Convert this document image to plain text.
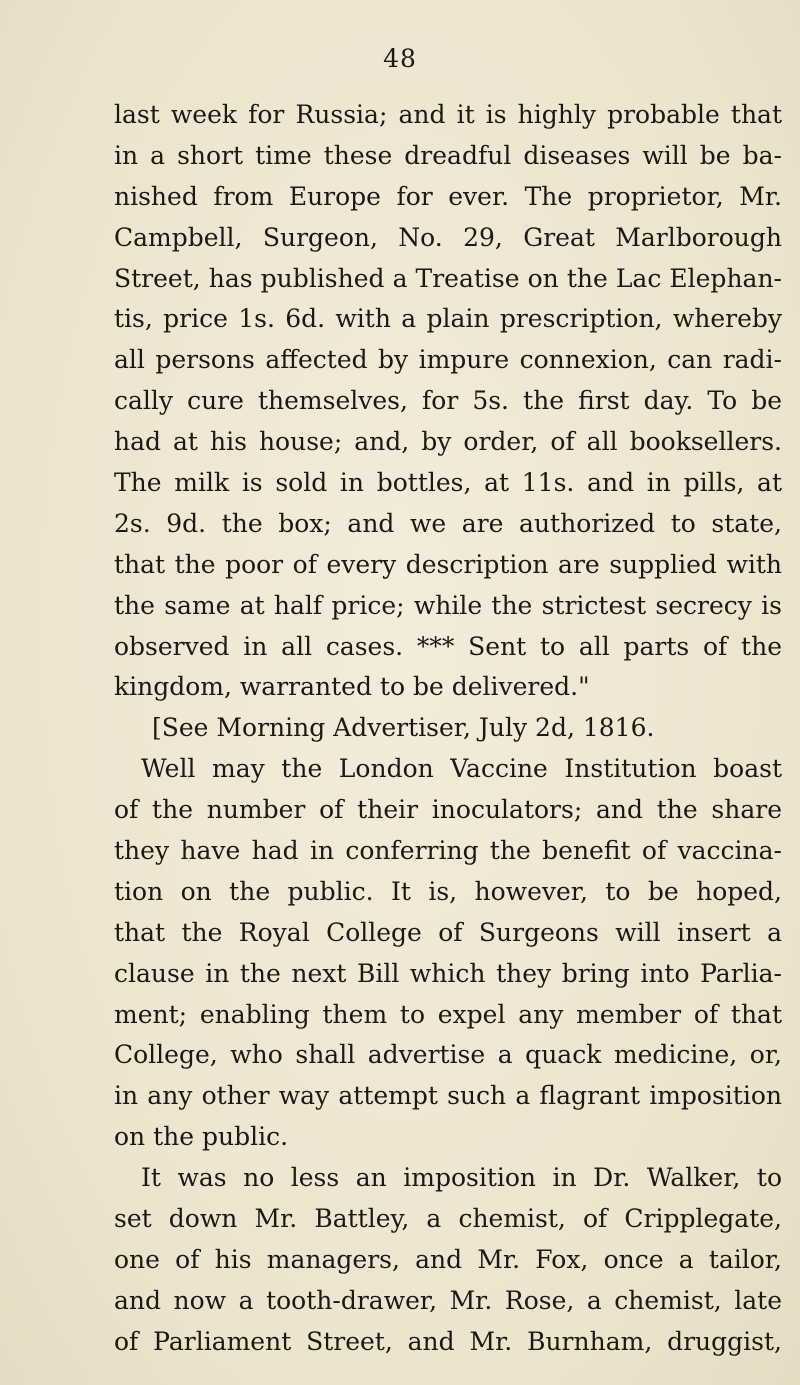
48
last week for Russia; and it is highly probable that
in a short time these dreadful diseases will be ba-
nished from Europe for ever. The proprietor, Mr.
Campbell, Surgeon, No. 29, Great Marlborough
Street, has published a Treatise on the Lac Elephan-
tis, price 1s. 6d. with a plain prescription, whereby
all persons affected by impure connexion, can radi-
cally cure themselves, for 5s. the first day. To be
had at his house; and, by order, of all booksellers.
The milk is sold in bottles, at 11s. and in pills, at
2s. 9d. the box; and we are authorized to state,
that the poor of every description are supplied with
the same at half price; while the strictest secrecy is
observed in all cases. *** Sent to all parts of the
kingdom, warranted to be delivered."
[See Morning Advertiser, July 2d, 1816.
Well may the London Vaccine Institution boast
of the number of their inoculators; and the share
they have had in conferring the benefit of vaccina-
tion on the public. It is, however, to be hoped,
that the Royal College of Surgeons will insert a
clause in the next Bill which they bring into Parlia-
ment; enabling them to expel any member of that
College, who shall advertise a quack medicine, or,
in any other way attempt such a flagrant imposition
on the public.
It was no less an imposition in Dr. Walker, to
set down Mr. Battley, a chemist, of Cripplegate,
one of his managers, and Mr. Fox, once a tailor,
and now a tooth-drawer, Mr. Rose, a chemist, late
of Parliament Street, and Mr. Burnham, druggist,
